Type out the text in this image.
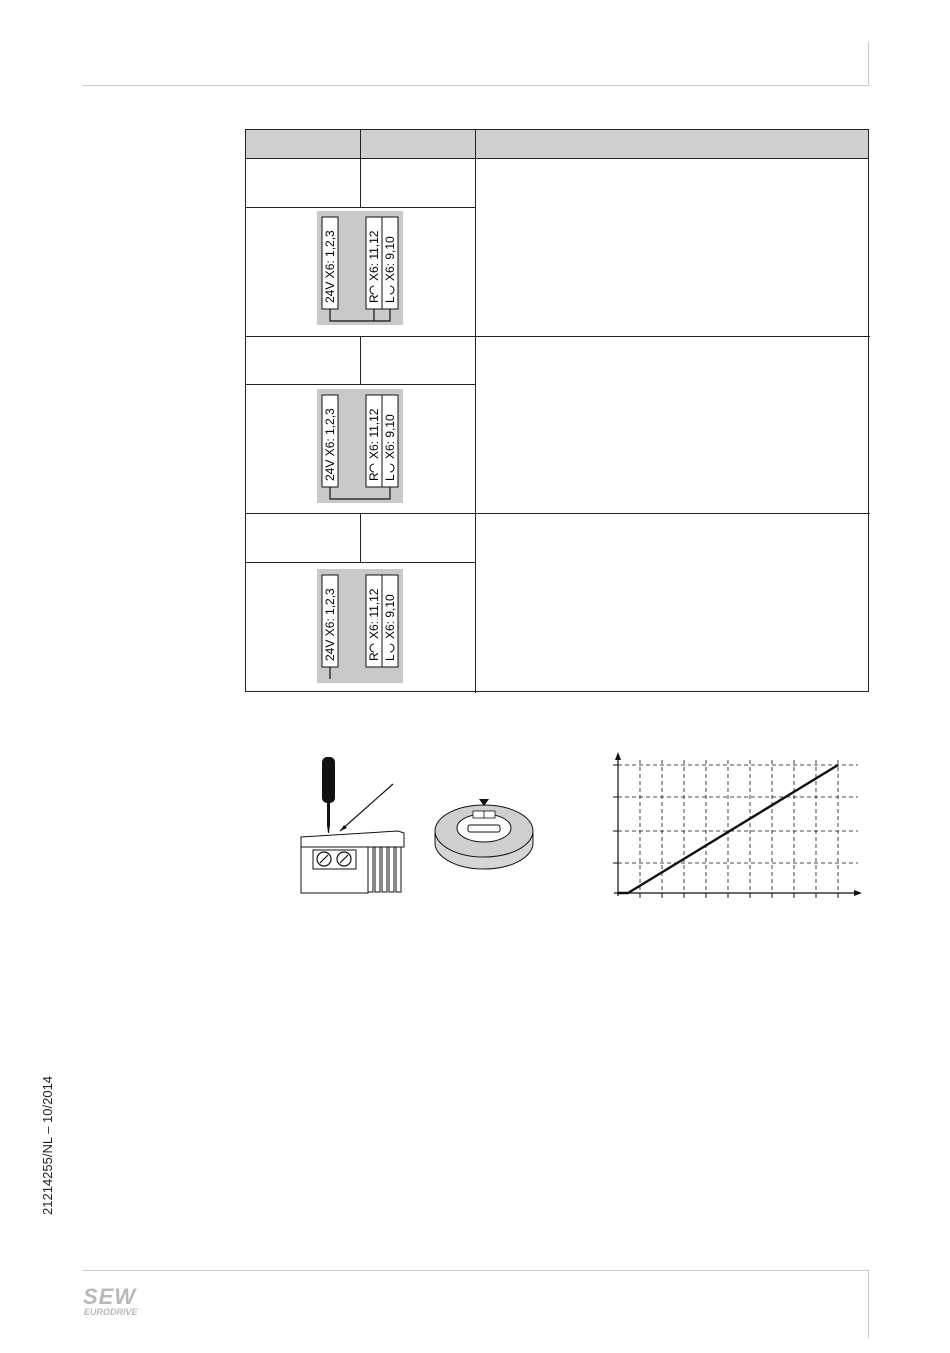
24V X6: 1,2,3	R
X6: 11,12
L
X6: 9,10
24V X6: 1,2,3	R
X6: 11,12
L
X6: 9,10
24V X6: 1,2,3	R
X6: 11,12
L
X6: 9,10
21214255/NL – 10/2014
SEW
EURODRIVE
